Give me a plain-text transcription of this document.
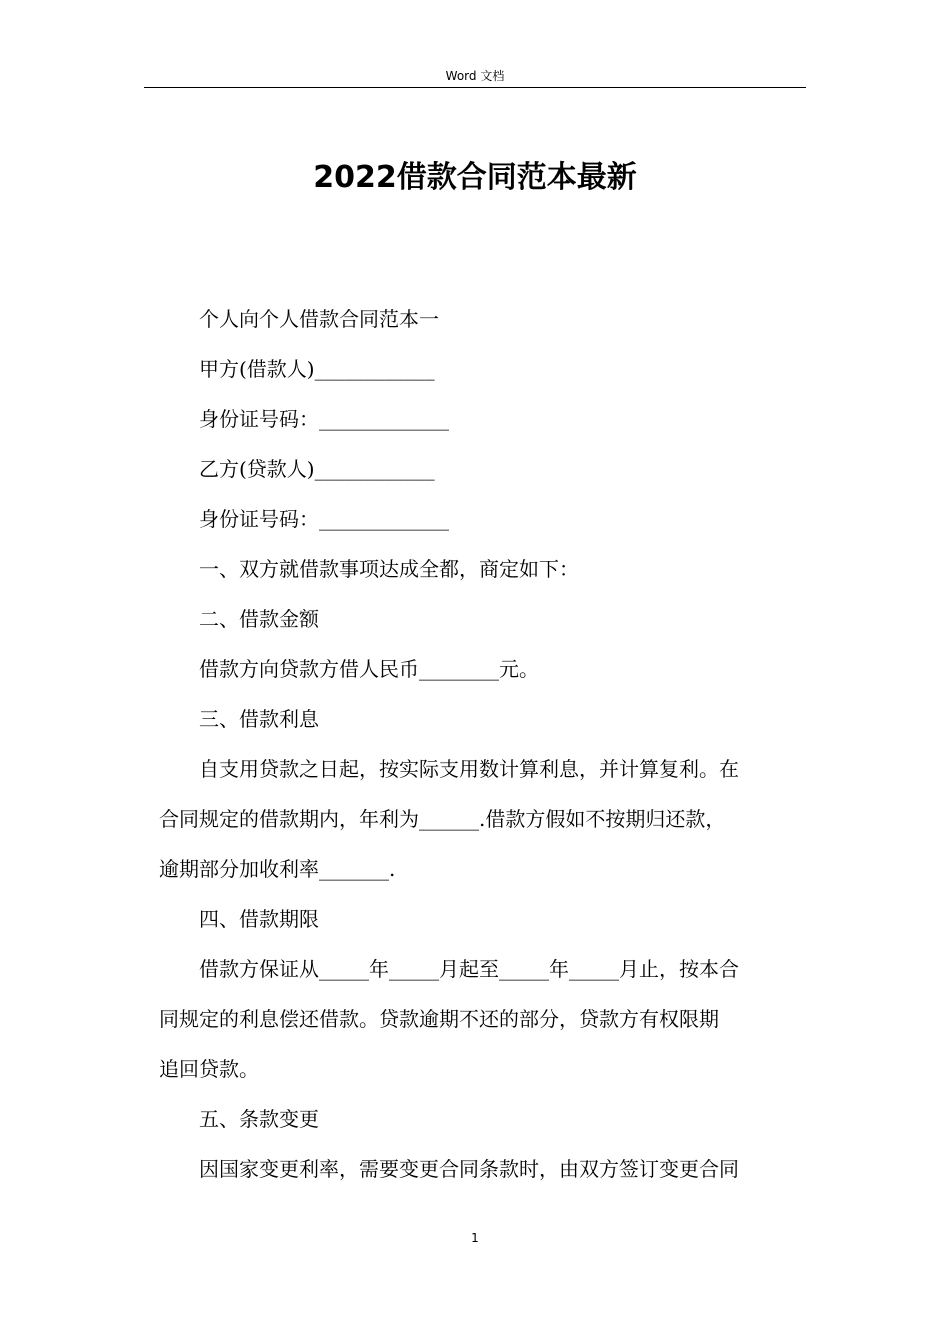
Word 文档
2022借款合同范本最新

个人向个人借款合同范本一

甲方(借款人)____________

身份证号码：_____________

乙方(贷款人)____________

身份证号码：_____________

一、双方就借款事项达成全都，商定如下：

二、借款金额

借款方向贷款方借人民币________元。

三、借款利息

自支用贷款之日起，按实际支用数计算利息，并计算复利。在
合同规定的借款期内，年利为______.借款方假如不按期归还款，
逾期部分加收利率_______.

四、借款期限

借款方保证从_____年_____月起至_____年_____月止，按本合
同规定的利息偿还借款。贷款逾期不还的部分，贷款方有权限期
追回贷款。

五、条款变更

因国家变更利率，需要变更合同条款时，由双方签订变更合同

1
